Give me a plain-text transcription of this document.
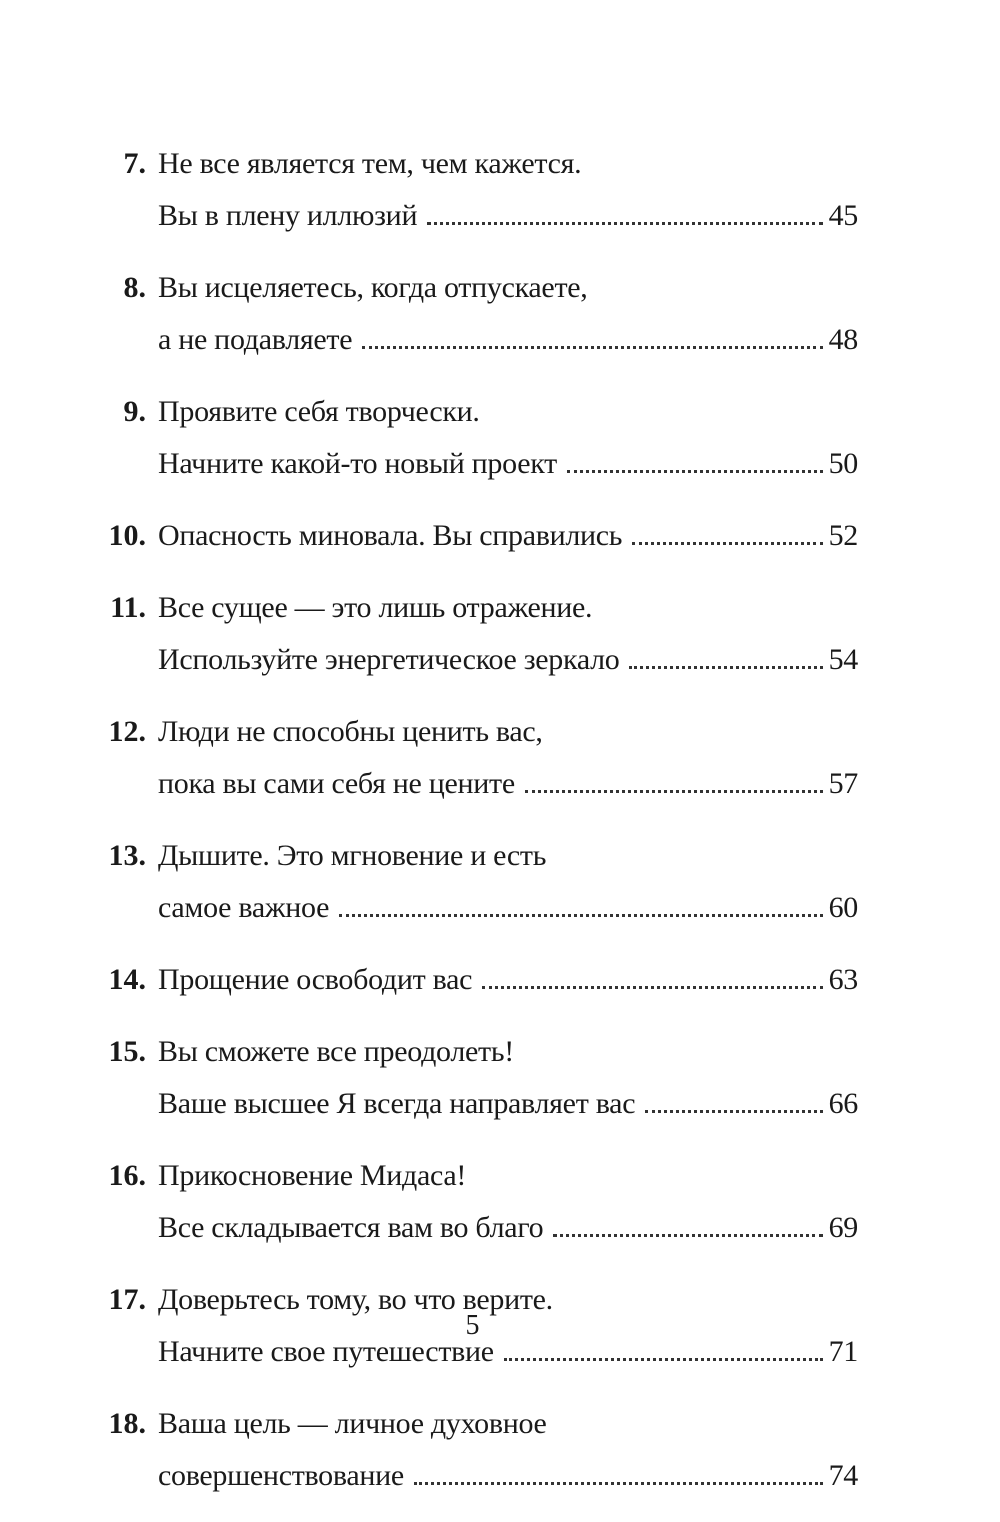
7. Не все является тем, чем кажется.
Вы в плену иллюзий	45
8. Вы исцеляетесь, когда отпускаете,
а не подавляете	48
9. Проявите себя творчески.
Начните какой-то новый проект	50
10. Опасность миновала. Вы справились	52
11. Все сущее — это лишь отражение.
Используйте энергетическое зеркало	54
12. Люди не способны ценить вас,
пока вы сами себя не цените	57
13. Дышите. Это мгновение и есть
самое важное	60
14. Прощение освободит вас	63
15. Вы сможете все преодолеть!
Ваше высшее Я всегда направляет вас	66
16. Прикосновение Мидаса!
Все складывается вам во благо	69
17. Доверьтесь тому, во что верите.
Начните свое путешествие	71
18. Ваша цель — личное духовное
совершенствование	74
5
